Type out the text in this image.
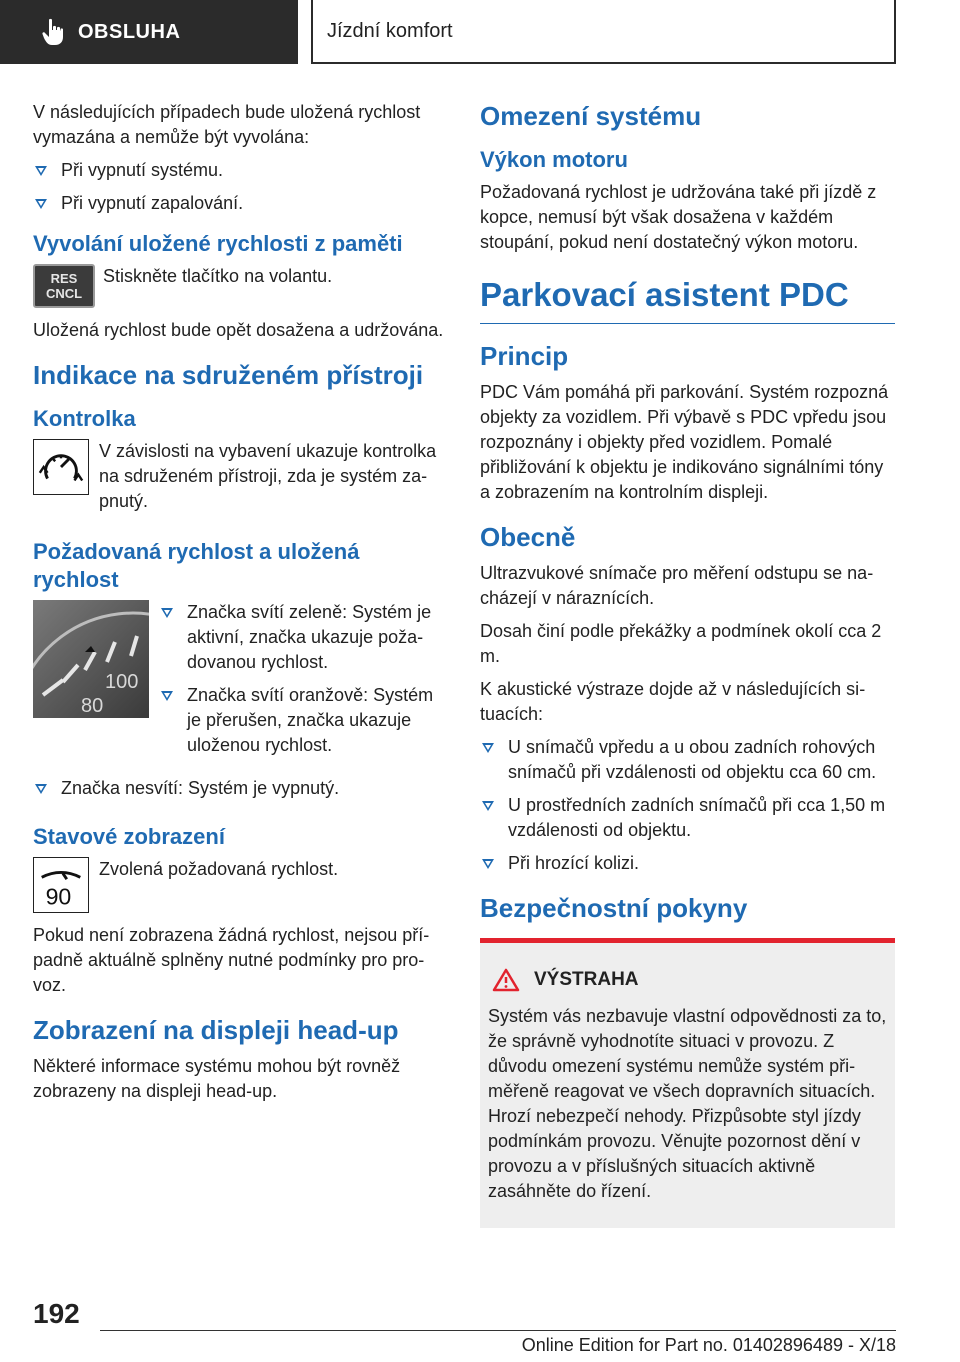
OBSLUHA	Jízdní komfort

V následujících případech bude uložená rychlost vymazána a nemůže být vyvolána:

Při vypnutí systému.
Při vypnutí zapalování.
Vyvolání uložené rychlosti z paměti
RES CNCL
Stiskněte tlačítko na volantu.

Uložená rychlost bude opět dosažena a udržována.

Indikace na sdruženém přístroji
Kontrolka
V závislosti na vybavení ukazuje kontrolka na sdruženém přístroji, zda je systém zapnutý.
Požadovaná rychlost a uložená rychlost
100
80
Značka svítí zeleně: Systém je aktivní, značka ukazuje požadovanou rychlost.
Značka svítí oranžově: Systém je přerušen, značka ukazuje uloženou rychlost.
Značka nesvítí: Systém je vypnutý.
Stavové zobrazení
90
Zvolená požadovaná rychlost.

Pokud není zobrazena žádná rychlost, nejsou případně aktuálně splněny nutné podmínky pro provoz.

Zobrazení na displeji head-up

Některé informace systému mohou být rovněž zobrazeny na displeji head-up.

Omezení systému
Výkon motoru

Požadovaná rychlost je udržována také při jízdě z kopce, nemusí být však dosažena v každém stoupání, pokud není dostatečný výkon motoru.

Parkovací asistent PDC
Princip

PDC Vám pomáhá při parkování. Systém rozpozná objekty za vozidlem. Při výbavě s PDC vpředu jsou rozpoznány i objekty před vozidlem. Pomalé přibližování k objektu je indikováno signálními tóny a zobrazením na kontrolním displeji.

Obecně

Ultrazvukové snímače pro měření odstupu se nacházejí v náraznících.

Dosah činí podle překážky a podmínek okolí cca 2 m.

K akustické výstraze dojde až v následujících situacích:

U snímačů vpředu a u obou zadních rohových snímačů při vzdálenosti od objektu cca 60 cm.
U prostředních zadních snímačů při cca 1,50 m vzdálenosti od objektu.
Při hrozící kolizi.
Bezpečnostní pokyny
VÝSTRAHA

Systém vás nezbavuje vlastní odpovědnosti za to, že správně vyhodnotíte situaci v provozu. Z důvodu omezení systému nemůže systém přiměřeně reagovat ve všech dopravních situacích. Hrozí nebezpečí nehody. Přizpůsobte styl jízdy podmínkám provozu. Věnujte pozornost dění v provozu a v příslušných situacích aktivně zasáhněte do řízení.

192
Online Edition for Part no. 01402896489 - X/18
